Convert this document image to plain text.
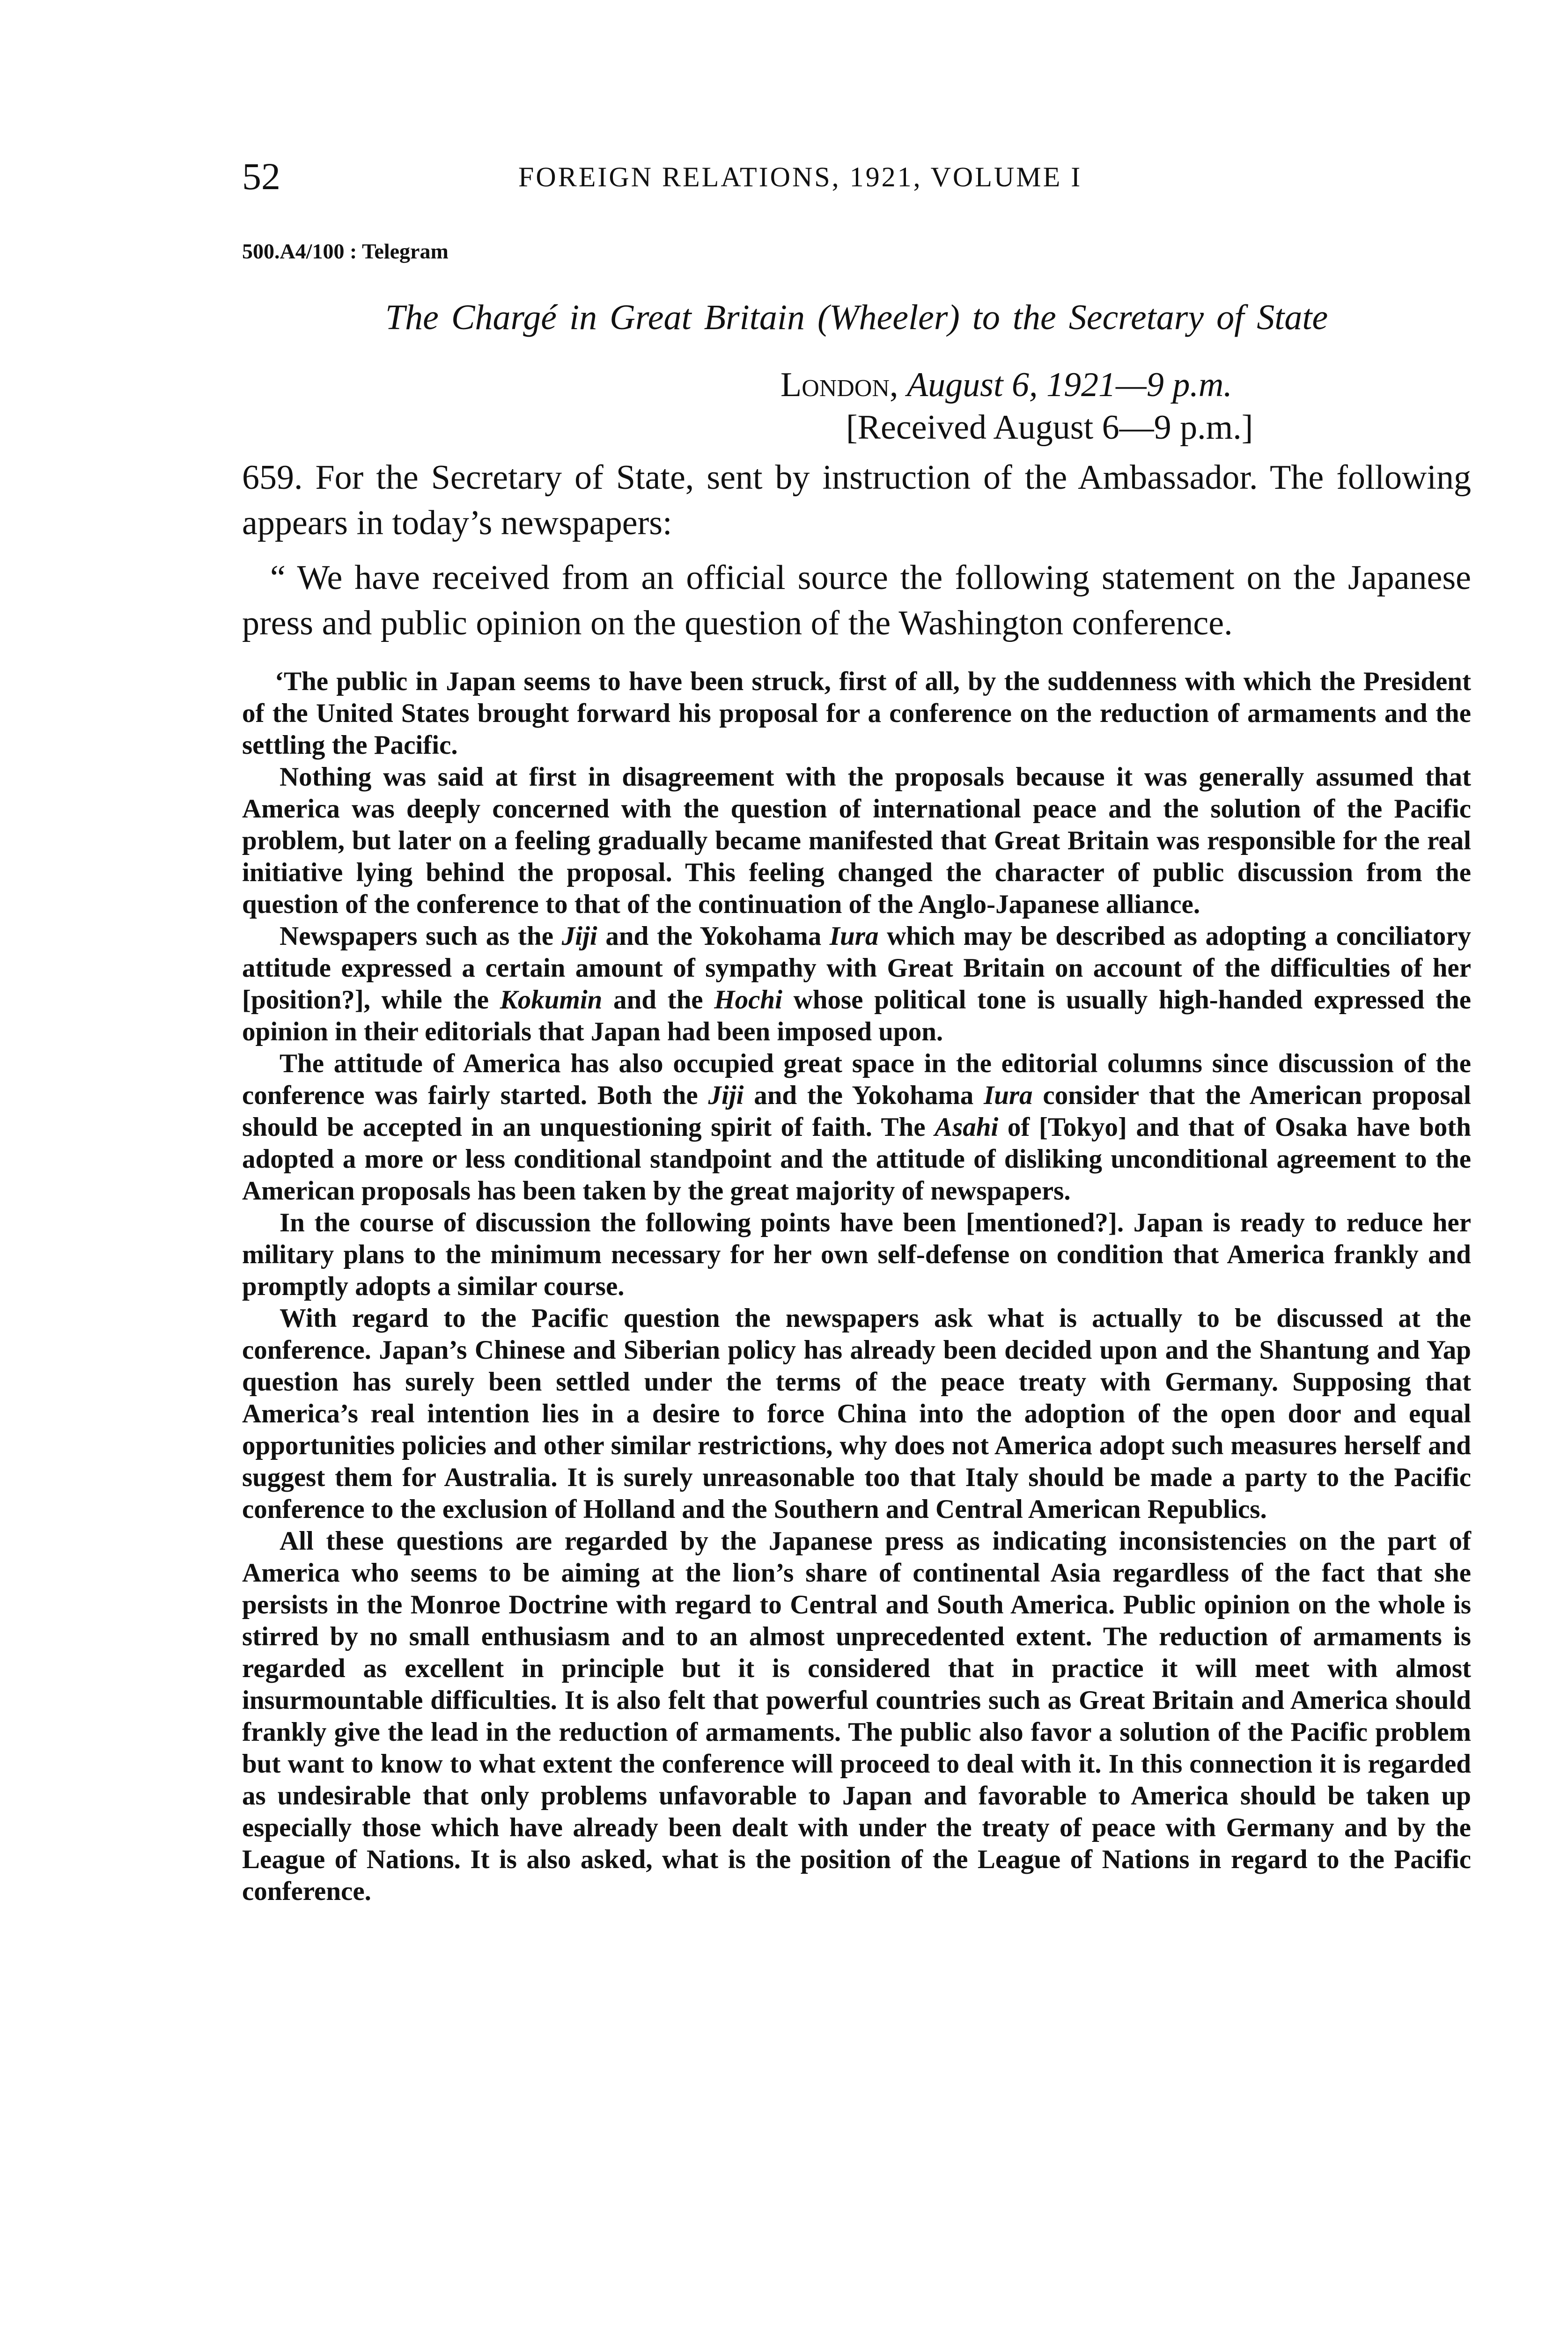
52	FOREIGN RELATIONS, 1921, VOLUME I
500.A4/100 : Telegram
The Chargé in Great Britain (Wheeler) to the Secretary of State
London, August 6, 1921—9 p.m.
[Received August 6—9 p.m.]
659. For the Secretary of State, sent by instruction of the Ambassador. The following appears in today’s newspapers:
“ We have received from an official source the following statement on the Japanese press and public opinion on the question of the Washington conference.

‘The public in Japan seems to have been struck, first of all, by the suddenness with which the President of the United States brought forward his proposal for a conference on the reduction of armaments and the settling the Pacific.

Nothing was said at first in disagreement with the proposals because it was generally assumed that America was deeply concerned with the question of international peace and the solution of the Pacific problem, but later on a feeling gradually became manifested that Great Britain was responsible for the real initiative lying behind the proposal. This feeling changed the character of public discussion from the question of the conference to that of the continuation of the Anglo-Japanese alliance.

Newspapers such as the Jiji and the Yokohama Iura which may be described as adopting a conciliatory attitude expressed a certain amount of sympathy with Great Britain on account of the difficulties of her [position?], while the Kokumin and the Hochi whose political tone is usually high-handed expressed the opinion in their editorials that Japan had been imposed upon.

The attitude of America has also occupied great space in the editorial columns since discussion of the conference was fairly started. Both the Jiji and the Yokohama Iura consider that the American proposal should be accepted in an unquestioning spirit of faith. The Asahi of [Tokyo] and that of Osaka have both adopted a more or less conditional standpoint and the attitude of disliking unconditional agreement to the American proposals has been taken by the great majority of newspapers.

In the course of discussion the following points have been [mentioned?]. Japan is ready to reduce her military plans to the minimum necessary for her own self-defense on condition that America frankly and promptly adopts a similar course.

With regard to the Pacific question the newspapers ask what is actually to be discussed at the conference. Japan’s Chinese and Siberian policy has already been decided upon and the Shantung and Yap question has surely been settled under the terms of the peace treaty with Germany. Supposing that America’s real intention lies in a desire to force China into the adoption of the open door and equal opportunities policies and other similar restrictions, why does not America adopt such measures herself and suggest them for Australia. It is surely unreasonable too that Italy should be made a party to the Pacific conference to the exclusion of Holland and the Southern and Central American Republics.

All these questions are regarded by the Japanese press as indicating inconsistencies on the part of America who seems to be aiming at the lion’s share of continental Asia regardless of the fact that she persists in the Monroe Doctrine with regard to Central and South America. Public opinion on the whole is stirred by no small enthusiasm and to an almost unprecedented extent. The reduction of armaments is regarded as excellent in principle but it is considered that in practice it will meet with almost insurmountable difficulties. It is also felt that powerful countries such as Great Britain and America should frankly give the lead in the reduction of armaments. The public also favor a solution of the Pacific problem but want to know to what extent the conference will proceed to deal with it. In this connection it is regarded as undesirable that only problems unfavorable to Japan and favorable to America should be taken up especially those which have already been dealt with under the treaty of peace with Germany and by the League of Nations. It is also asked, what is the position of the League of Nations in regard to the Pacific conference.
